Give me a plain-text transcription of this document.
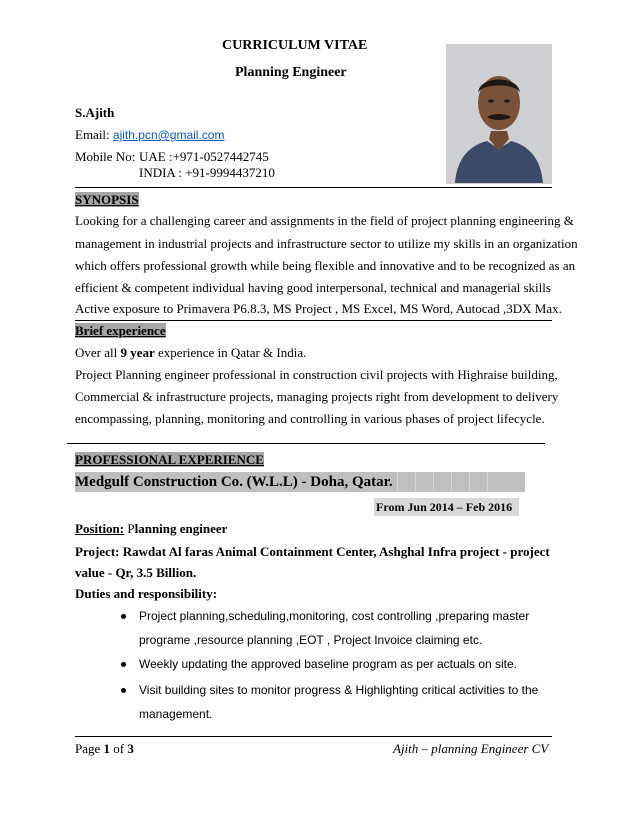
CURRICULUM VITAE
Planning Engineer
S.Ajith
Email: ajith.pcn@gmail.com
Mobile No: UAE :+971-0527442745
INDIA : +91-9994437210
SYNOPSIS
Looking for a challenging career and assignments in the field of project planning engineering &
management in industrial projects and infrastructure sector to utilize my skills in an organization
which offers professional growth while being flexible and innovative and to be recognized as an
efficient & competent individual having good interpersonal, technical and managerial skills
Active exposure to Primavera P6.8.3, MS Project , MS Excel, MS Word, Autocad ,3DX Max.
Brief experience
Over all 9 year experience in Qatar & India.
Project Planning engineer professional in construction civil projects with Highraise building,
Commercial & infrastructure projects, managing projects right from development to delivery
encompassing, planning, monitoring and controlling in various phases of project lifecycle.
PROFESSIONAL EXPERIENCE
Medgulf Construction Co. (W.L.L) - Doha, Qatar.
From Jun 2014 – Feb 2016
Position: Planning engineer
Project: Rawdat Al faras Animal Containment Center, Ashghal Infra project - project
value - Qr, 3.5 Billion.
Duties and responsibility:
Project planning,scheduling,monitoring, cost controlling ,preparing master
programe ,resource planning ,EOT , Project Invoice claiming etc.
Weekly updating the approved baseline program as per actuals on site.
Visit building sites to monitor progress & Highlighting critical activities to the
management.
Page 1 of 3	Ajith – planning Engineer CV
